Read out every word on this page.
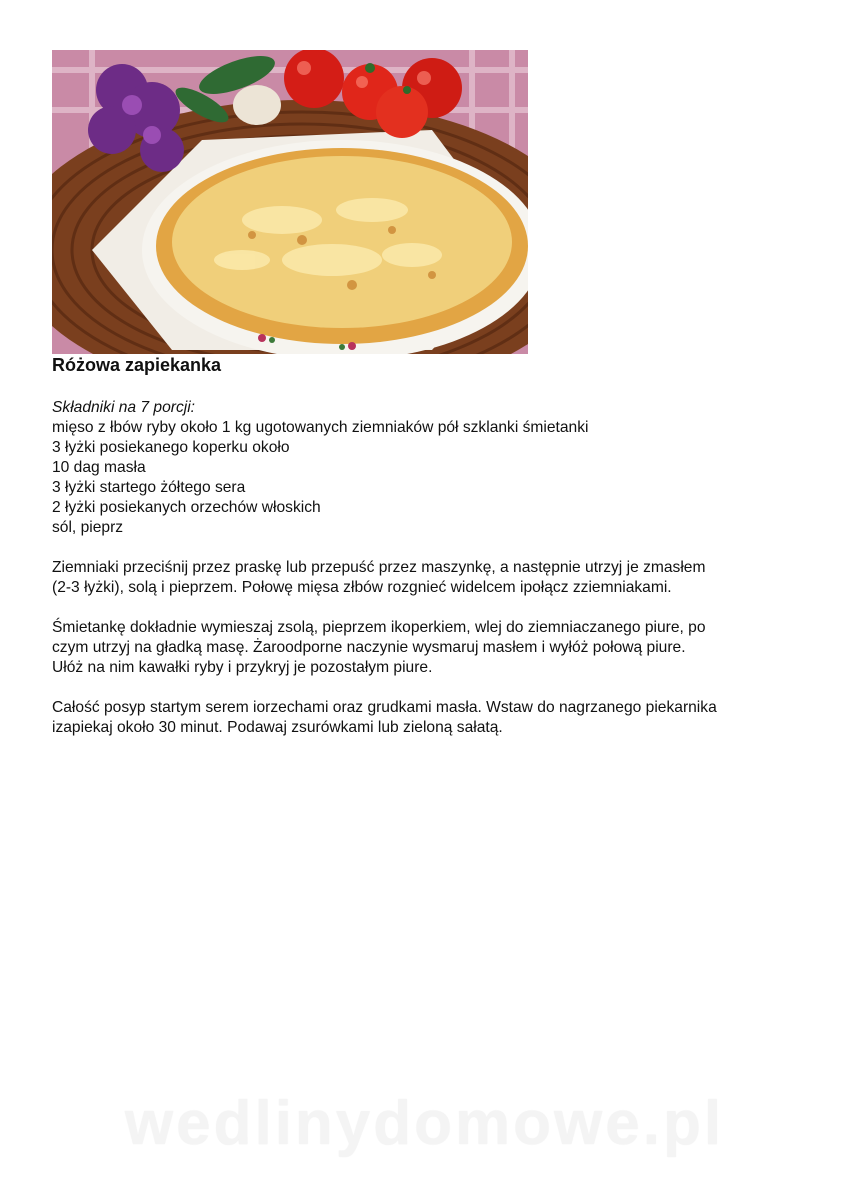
Różowa zapiekanka

Składniki na 7 porcji:

mięso z łbów ryby około 1 kg ugotowanych ziemniaków pół szklanki śmietanki

3 łyżki posiekanego koperku około

10 dag masła

3 łyżki startego żółtego sera

2 łyżki posiekanych orzechów włoskich

sól, pieprz

Ziemniaki przeciśnij przez praskę lub przepuść przez maszynkę, a następnie utrzyj je zmasłem

(2-3 łyżki), solą i pieprzem. Połowę mięsa złbów rozgnieć widelcem ipołącz zziemniakami.

Śmietankę dokładnie wymieszaj zsolą, pieprzem ikoperkiem, wlej do ziemniaczanego piure, po

czym utrzyj na gładką masę. Żaroodporne naczynie wysmaruj masłem i wyłóż połową piure.

Ułóż na nim kawałki ryby i przykryj je pozostałym piure.

Całość posyp startym serem iorzechami oraz grudkami masła. Wstaw do nagrzanego piekarnika

izapiekaj około 30 minut. Podawaj zsurówkami lub zieloną sałatą.

wedlinydomowe.pl
